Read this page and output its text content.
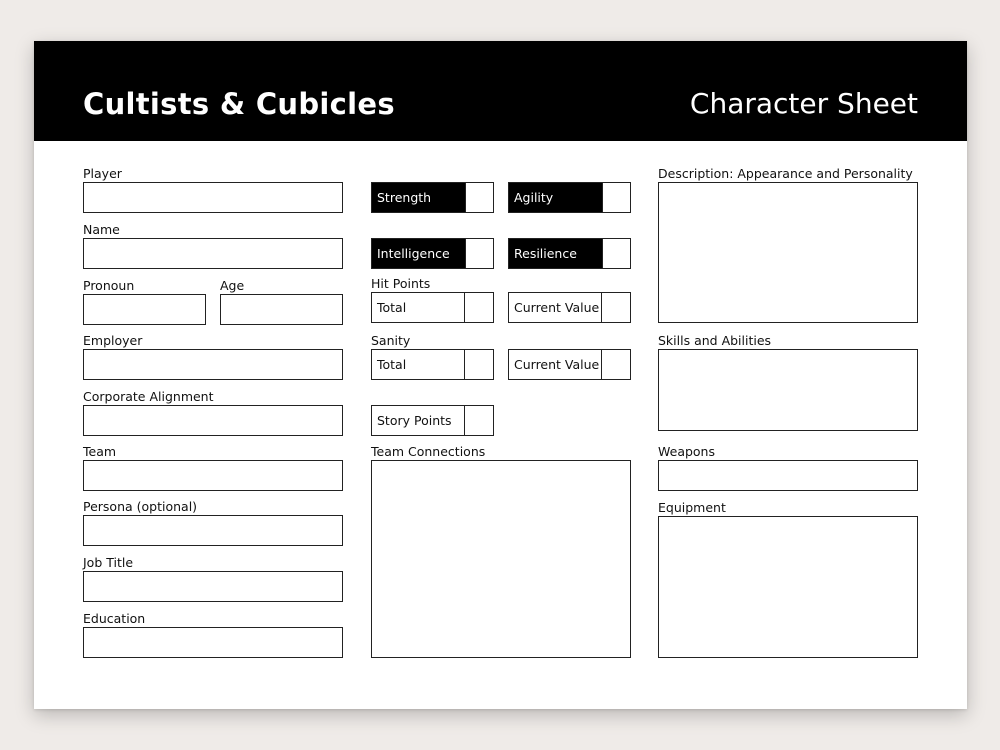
Cultists & Cubicles	Character Sheet
Player
Name
Pronoun	Age
Employer
Corporate Alignment
Team
Persona (optional)
Job Title
Education
Strength	Agility
Intelligence	Resilience
Hit Points
Total	Current Value
Sanity
Total	Current Value
Story Points
Team Connections
Description: Appearance and Personality
Skills and Abilities
Weapons
Equipment
